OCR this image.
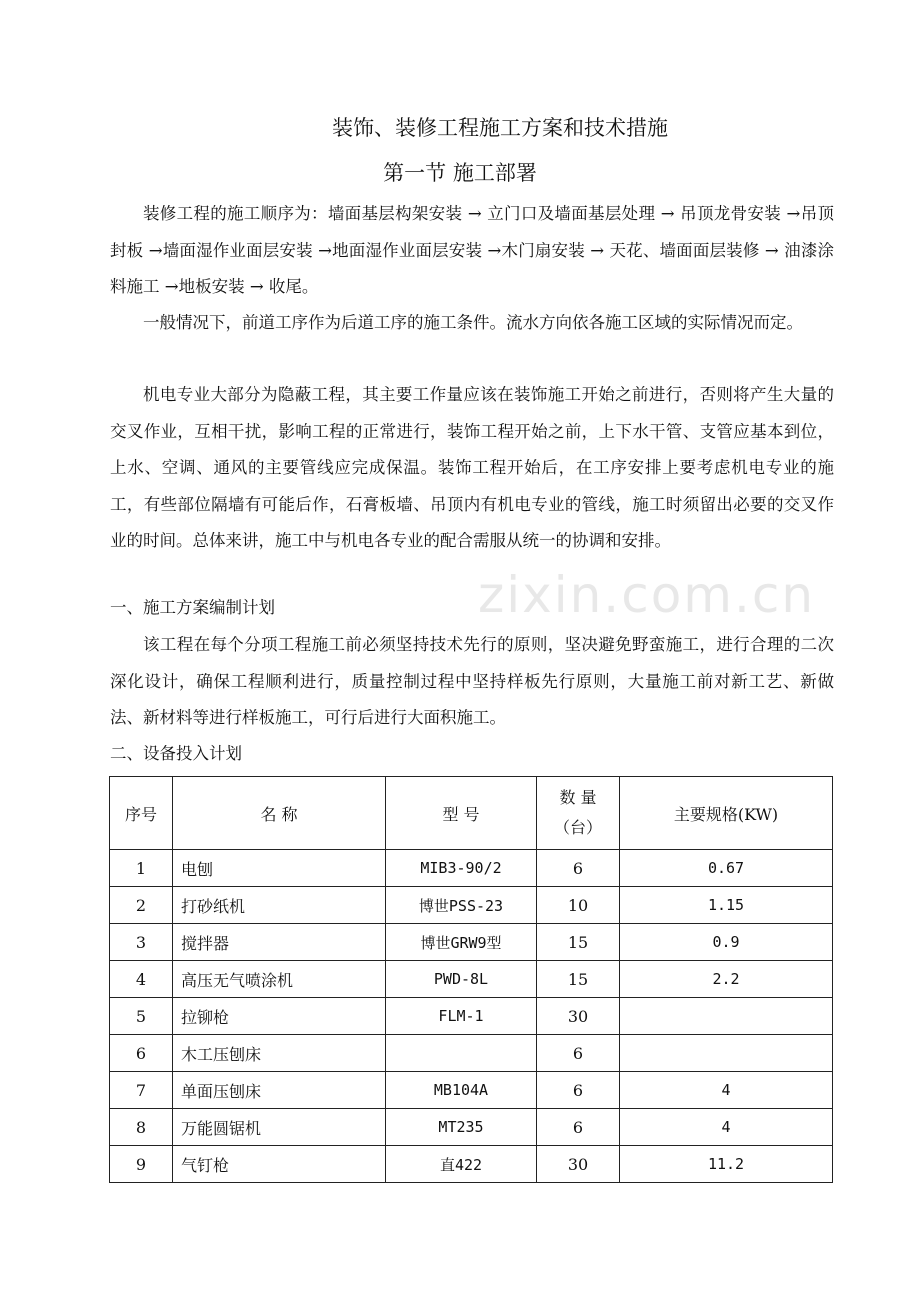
zixin.com.cn
装饰、装修工程施工方案和技术措施
第一节 施工部署

装修工程的施工顺序为：墙面基层构架安装 → 立门口及墙面基层处理 → 吊顶龙骨安装 →吊顶封板 →墙面湿作业面层安装 →地面湿作业面层安装 →木门扇安装 → 天花、墙面面层装修 → 油漆涂料施工 →地板安装 → 收尾。

一般情况下，前道工序作为后道工序的施工条件。流水方向依各施工区域的实际情况而定。

机电专业大部分为隐蔽工程，其主要工作量应该在装饰施工开始之前进行，否则将产生大量的交叉作业，互相干扰，影响工程的正常进行，装饰工程开始之前，上下水干管、支管应基本到位，上水、空调、通风的主要管线应完成保温。装饰工程开始后，在工序安排上要考虑机电专业的施工，有些部位隔墙有可能后作，石膏板墙、吊顶内有机电专业的管线，施工时须留出必要的交叉作业的时间。总体来讲，施工中与机电各专业的配合需服从统一的协调和安排。

一、施工方案编制计划

该工程在每个分项工程施工前必须坚持技术先行的原则，坚决避免野蛮施工，进行合理的二次深化设计，确保工程顺利进行，质量控制过程中坚持样板先行原则，大量施工前对新工艺、新做法、新材料等进行样板施工，可行后进行大面积施工。

二、设备投入计划

序号	名 称	型 号	数 量
（台）	主要规格(KW)
1	电刨	MIB3-90/2	6	0.67
2	打砂纸机	博世PSS-23	10	1.15
3	搅拌器	博世GRW9型	15	0.9
4	高压无气喷涂机	PWD-8L	15	2.2
5	拉铆枪	FLM-1	30	
6	木工压刨床		6	
7	单面压刨床	MB104A	6	4
8	万能圆锯机	MT235	6	4
9	气钉枪	直422	30	11.2
